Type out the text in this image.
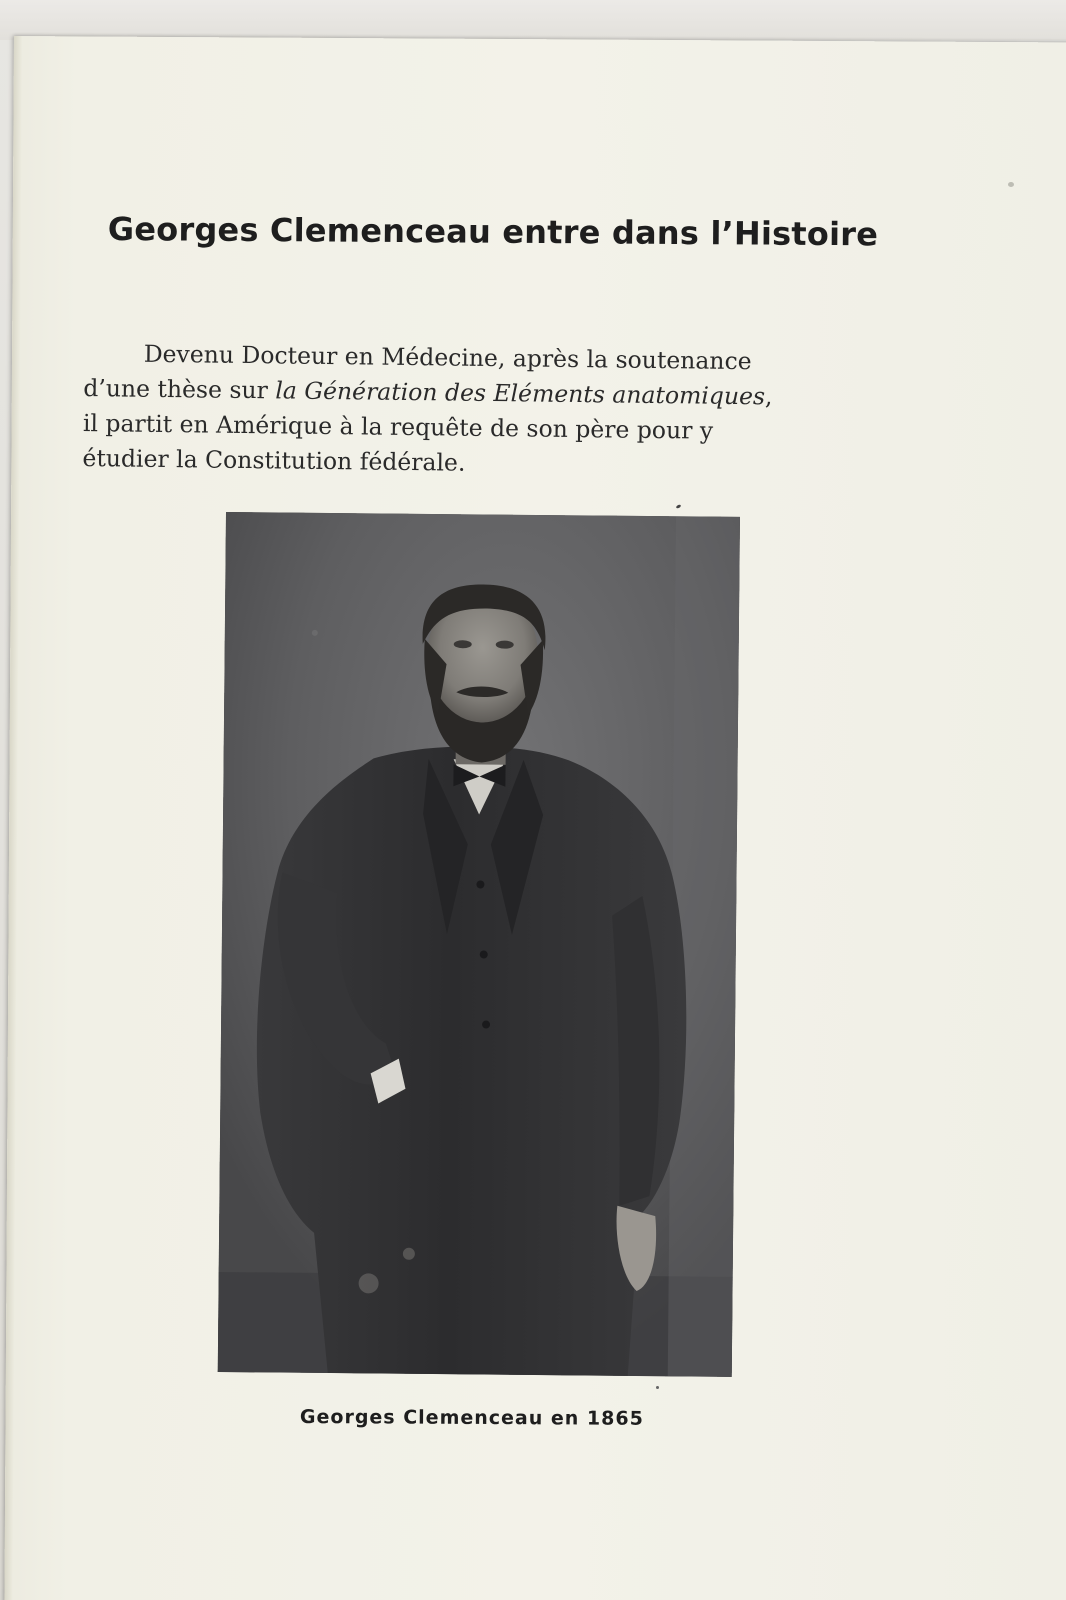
Georges Clemenceau entre dans l’Histoire
Devenu Docteur en Médecine, après la soutenance
d’une thèse sur la Génération des Eléments anatomiques,
il partit en Amérique à la requête de son père pour y
étudier la Constitution fédérale.
Georges Clemenceau en 1865
